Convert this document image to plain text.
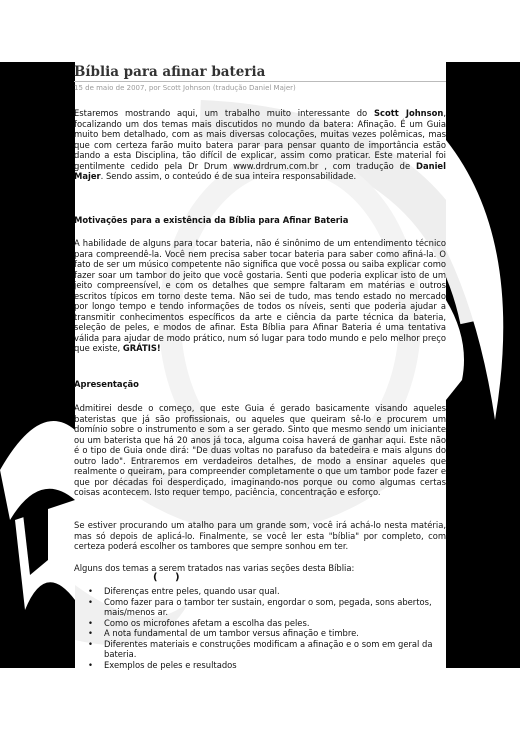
Bíblia para afinar bateria
15 de maio de 2007, por Scott Johnson (tradução Daniel Majer)

Estaremos mostrando aqui, um trabalho muito interessante do Scott Johnson, focalizando um dos temas mais discutidos no mundo da batera: Afinação. É um Guia muito bem detalhado, com as mais diversas colocações, muitas vezes polêmicas, mas que com certeza farão muito batera parar para pensar quanto de importância estão dando a esta Disciplina, tão difícil de explicar, assim como praticar. Este material foi gentilmente cedido pela Dr Drum www.drdrum.com.br , com tradução de Daniel Majer. Sendo assim, o conteúdo é de sua inteira responsabilidade.

Motivações para a existência da Bíblia para Afinar Bateria

A habilidade de alguns para tocar bateria, não é sinônimo de um entendimento técnico para compreendê-la. Você nem precisa saber tocar bateria para saber como afiná-la. O fato de ser um músico competente não significa que você possa ou saiba explicar como fazer soar um tambor do jeito que você gostaria. Senti que poderia explicar isto de um jeito compreensível, e com os detalhes que sempre faltaram em matérias e outros escritos típicos em torno deste tema. Não sei de tudo, mas tendo estado no mercado por longo tempo e tendo informações de todos os níveis, senti que poderia ajudar a transmitir conhecimentos específicos da arte e ciência da parte técnica da bateria, seleção de peles, e modos de afinar. Esta Bíblia para Afinar Bateria é uma tentativa válida para ajudar de modo prático, num só lugar para todo mundo e pelo melhor preço que existe, GRÁTIS!

Apresentação

Admitirei desde o começo, que este Guia é gerado basicamente visando aqueles bateristas que já são profissionais, ou aqueles que queiram sê-lo e procurem um domínio sobre o instrumento e som a ser gerado. Sinto que mesmo sendo um iniciante ou um baterista que há 20 anos já toca, alguma coisa haverá de ganhar aqui. Este não é o tipo de Guia onde dirá: "De duas voltas no parafuso da batedeira e mais alguns do outro lado". Entraremos em verdadeiros detalhes, de modo a ensinar aqueles que realmente o queiram, para compreender completamente o que um tambor pode fazer e que por décadas foi desperdiçado, imaginando-nos porque ou como algumas certas coisas acontecem. Isto requer tempo, paciência, concentração e esforço.

Se estiver procurando um atalho para um grande som, você irá achá-lo nesta matéria, mas só depois de aplicá-lo. Finalmente, se você ler esta "bíblia" por completo, com certeza poderá escolher os tambores que sempre sonhou em ter.

Alguns dos temas a serem tratados nas varias seções desta Bíblia:

( )
• Diferenças entre peles, quando usar qual.
• Como fazer para o tambor ter sustain, engordar o som, pegada, sons abertos, mais/menos ar.
• Como os microfones afetam a escolha das peles.
• A nota fundamental de um tambor versus afinação e timbre.
• Diferentes materiais e construções modificam a afinação e o som em geral da bateria.
• Exemplos de peles e resultados
